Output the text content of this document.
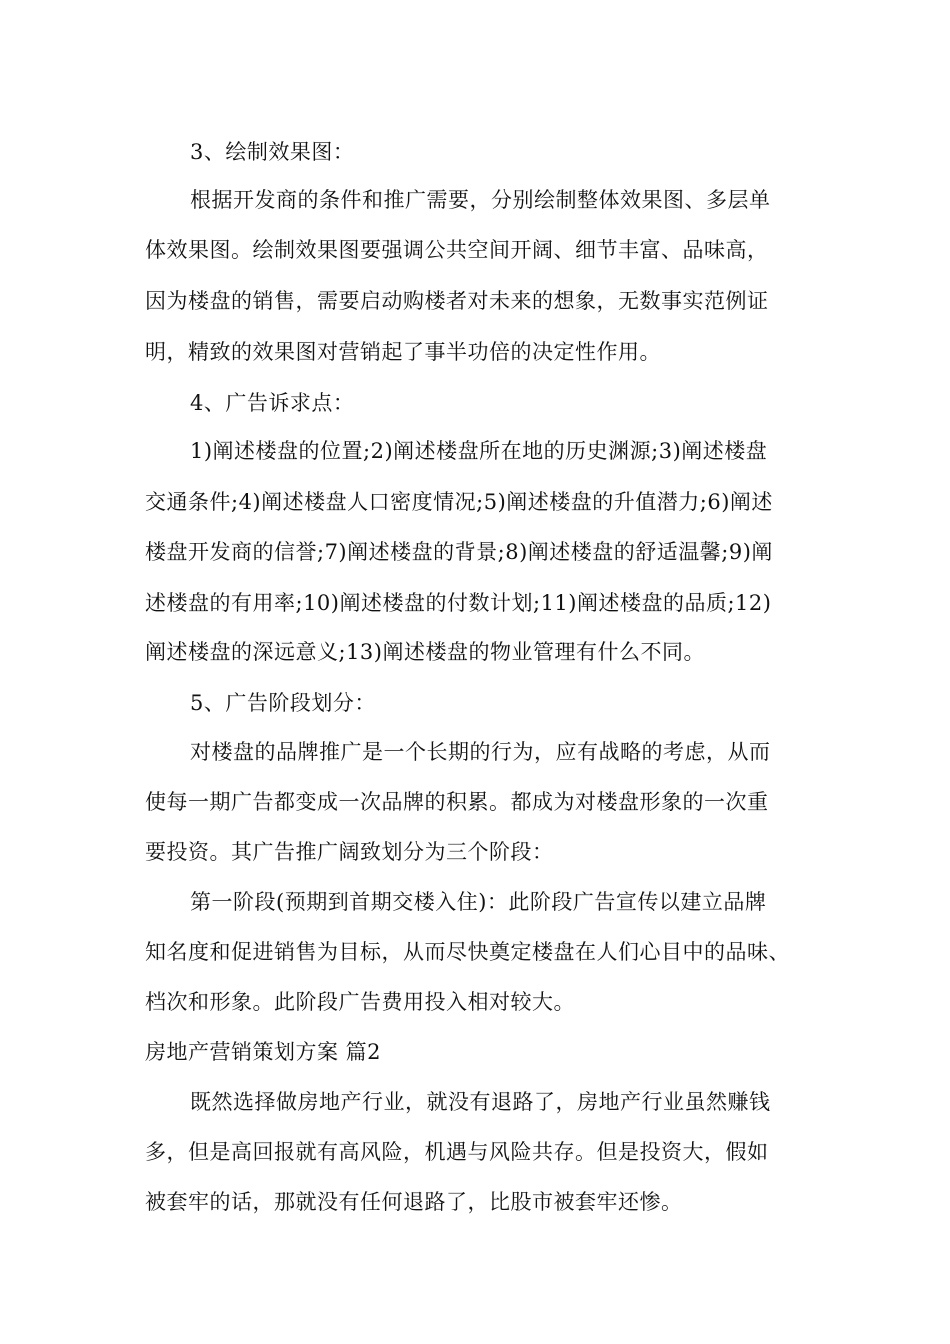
3、绘制效果图：
根据开发商的条件和推广需要，分别绘制整体效果图、多层单
体效果图。绘制效果图要强调公共空间开阔、细节丰富、品味高，
因为楼盘的销售，需要启动购楼者对未来的想象，无数事实范例证
明，精致的效果图对营销起了事半功倍的决定性作用。
4、广告诉求点：
1)阐述楼盘的位置;2)阐述楼盘所在地的历史渊源;3)阐述楼盘
交通条件;4)阐述楼盘人口密度情况;5)阐述楼盘的升值潜力;6)阐述
楼盘开发商的信誉;7)阐述楼盘的背景;8)阐述楼盘的舒适温馨;9)阐
述楼盘的有用率;10)阐述楼盘的付数计划;11)阐述楼盘的品质;12)
阐述楼盘的深远意义;13)阐述楼盘的物业管理有什么不同。
5、广告阶段划分：
对楼盘的品牌推广是一个长期的行为，应有战略的考虑，从而
使每一期广告都变成一次品牌的积累。都成为对楼盘形象的一次重
要投资。其广告推广阔致划分为三个阶段：
第一阶段(预期到首期交楼入住)：此阶段广告宣传以建立品牌
知名度和促进销售为目标，从而尽快奠定楼盘在人们心目中的品味、
档次和形象。此阶段广告费用投入相对较大。
房地产营销策划方案 篇2
既然选择做房地产行业，就没有退路了，房地产行业虽然赚钱
多，但是高回报就有高风险，机遇与风险共存。但是投资大，假如
被套牢的话，那就没有任何退路了，比股市被套牢还惨。
